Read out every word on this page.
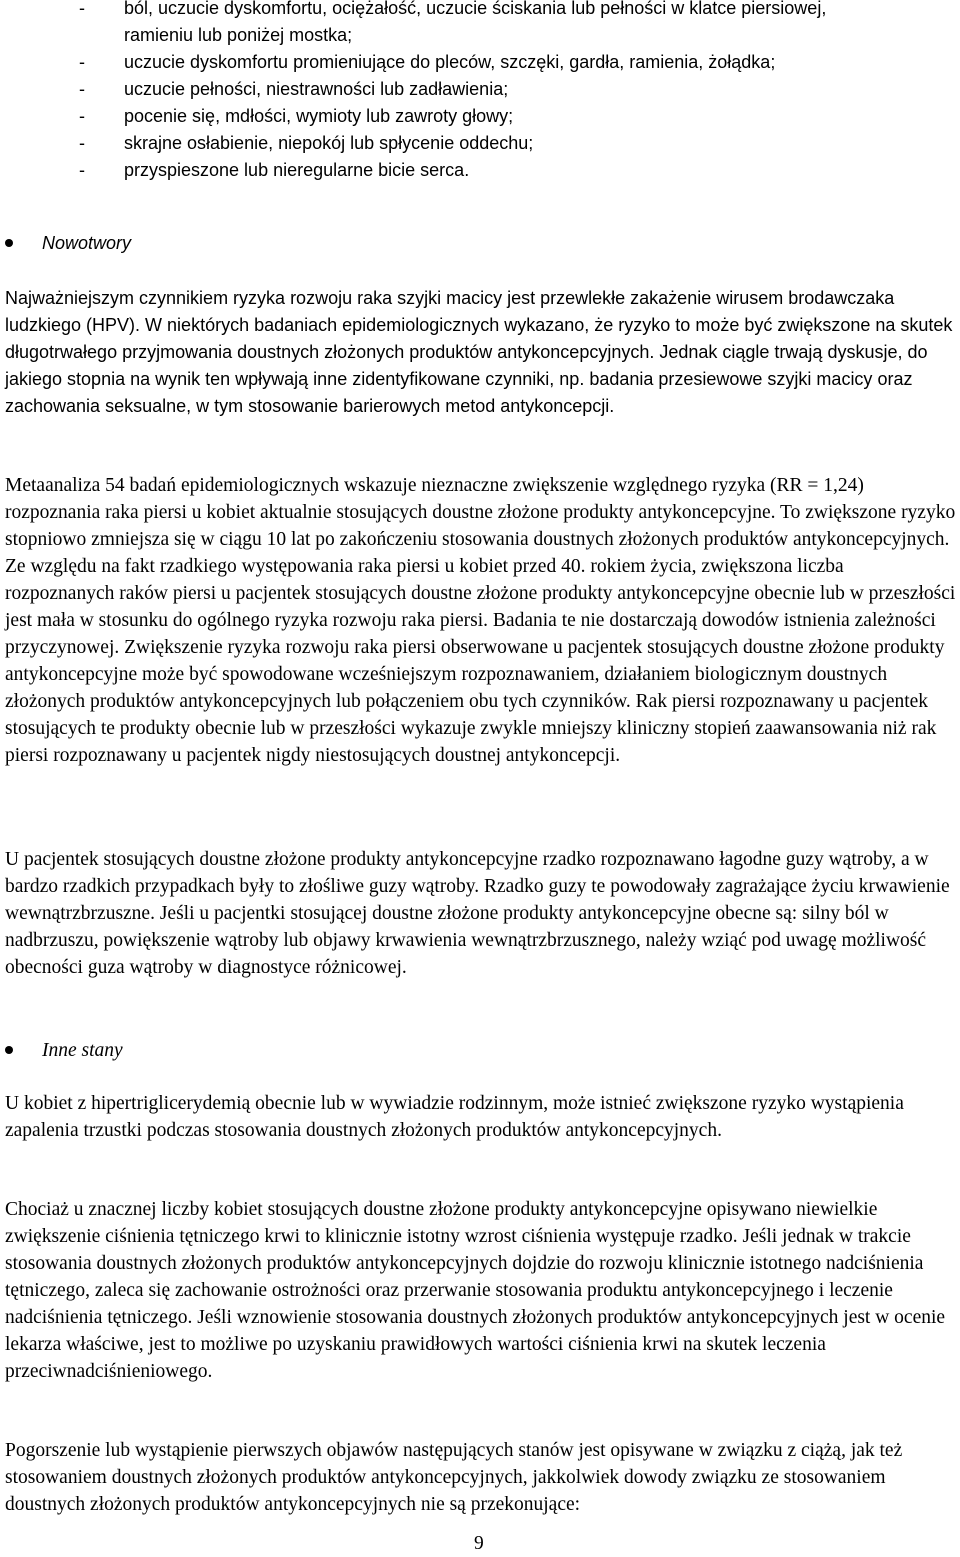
- ból, uczucie dyskomfortu, ociężałość, uczucie ściskania lub pełności w klatce piersiowej,
ramieniu lub poniżej mostka;
- uczucie dyskomfortu promieniujące do pleców, szczęki, gardła, ramienia, żołądka;
- uczucie pełności, niestrawności lub zadławienia;
- pocenie się, mdłości, wymioty lub zawroty głowy;
- skrajne osłabienie, niepokój lub spłycenie oddechu;
- przyspieszone lub nieregularne bicie serca.
Nowotwory

Najważniejszym czynnikiem ryzyka rozwoju raka szyjki macicy jest przewlekłe zakażenie wirusem brodawczaka ludzkiego (HPV). W niektórych badaniach epidemiologicznych wykazano, że ryzyko to może być zwiększone na skutek długotrwałego przyjmowania doustnych złożonych produktów antykoncepcyjnych. Jednak ciągle trwają dyskusje, do jakiego stopnia na wynik ten wpływają inne zidentyfikowane czynniki, np. badania przesiewowe szyjki macicy oraz zachowania seksualne, w tym stosowanie barierowych metod antykoncepcji.

Metaanaliza 54 badań epidemiologicznych wskazuje nieznaczne zwiększenie względnego ryzyka (RR = 1,24) rozpoznania raka piersi u kobiet aktualnie stosujących doustne złożone produkty antykoncepcyjne. To zwiększone ryzyko stopniowo zmniejsza się w ciągu 10 lat po zakończeniu stosowania doustnych złożonych produktów antykoncepcyjnych. Ze względu na fakt rzadkiego występowania raka piersi u kobiet przed 40. rokiem życia, zwiększona liczba rozpoznanych raków piersi u pacjentek stosujących doustne złożone produkty antykoncepcyjne obecnie lub w przeszłości jest mała w stosunku do ogólnego ryzyka rozwoju raka piersi. Badania te nie dostarczają dowodów istnienia zależności przyczynowej. Zwiększenie ryzyka rozwoju raka piersi obserwowane u pacjentek stosujących doustne złożone produkty antykoncepcyjne może być spowodowane wcześniejszym rozpoznawaniem, działaniem biologicznym doustnych złożonych produktów antykoncepcyjnych lub połączeniem obu tych czynników. Rak piersi rozpoznawany u pacjentek stosujących te produkty obecnie lub w przeszłości wykazuje zwykle mniejszy kliniczny stopień zaawansowania niż rak piersi rozpoznawany u pacjentek nigdy niestosujących doustnej antykoncepcji.

U pacjentek stosujących doustne złożone produkty antykoncepcyjne rzadko rozpoznawano łagodne guzy wątroby, a w bardzo rzadkich przypadkach były to złośliwe guzy wątroby. Rzadko guzy te powodowały zagrażające życiu krwawienie wewnątrzbrzuszne. Jeśli u pacjentki stosującej doustne złożone produkty antykoncepcyjne obecne są: silny ból w nadbrzuszu, powiększenie wątroby lub objawy krwawienia wewnątrzbrzusznego, należy wziąć pod uwagę możliwość obecności guza wątroby w diagnostyce różnicowej.

Inne stany

U kobiet z hipertriglicerydemią obecnie lub w wywiadzie rodzinnym, może istnieć zwiększone ryzyko wystąpienia zapalenia trzustki podczas stosowania doustnych złożonych produktów antykoncepcyjnych.

Chociaż u znacznej liczby kobiet stosujących doustne złożone produkty antykoncepcyjne opisywano niewielkie zwiększenie ciśnienia tętniczego krwi to klinicznie istotny wzrost ciśnienia występuje rzadko. Jeśli jednak w trakcie stosowania doustnych złożonych produktów antykoncepcyjnych dojdzie do rozwoju klinicznie istotnego nadciśnienia tętniczego, zaleca się zachowanie ostrożności oraz przerwanie stosowania produktu antykoncepcyjnego i leczenie nadciśnienia tętniczego. Jeśli wznowienie stosowania doustnych złożonych produktów antykoncepcyjnych jest w ocenie lekarza właściwe, jest to możliwe po uzyskaniu prawidłowych wartości ciśnienia krwi na skutek leczenia przeciwnadciśnieniowego.

Pogorszenie lub wystąpienie pierwszych objawów następujących stanów jest opisywane w związku z ciążą, jak też stosowaniem doustnych złożonych produktów antykoncepcyjnych, jakkolwiek dowody związku ze stosowaniem doustnych złożonych produktów antykoncepcyjnych nie są przekonujące:

9
